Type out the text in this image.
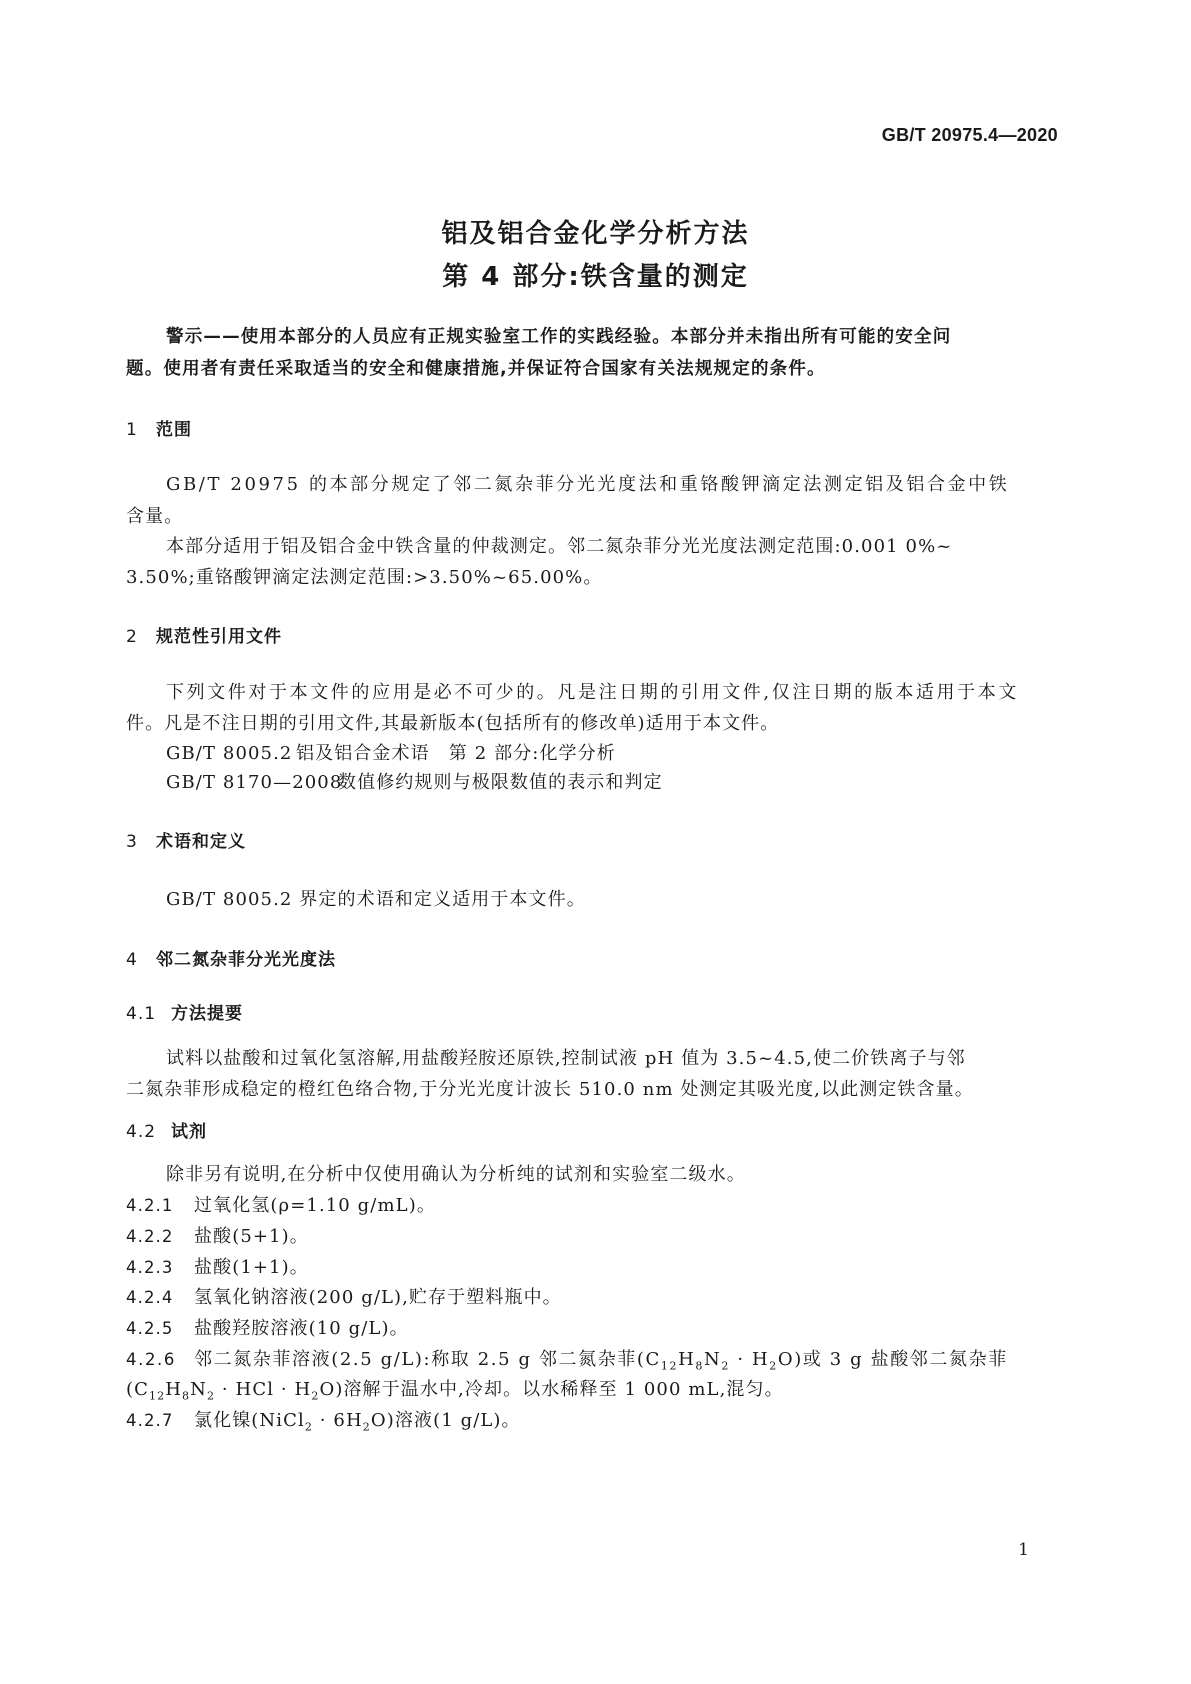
GB/T 20975.4—2020
铝及铝合金化学分析方法
第 4 部分:铁含量的测定
警示——使用本部分的人员应有正规实验室工作的实践经验。本部分并未指出所有可能的安全问
题。使用者有责任采取适当的安全和健康措施,并保证符合国家有关法规规定的条件。
1 范围
GB/T 20975 的本部分规定了邻二氮杂菲分光光度法和重铬酸钾滴定法测定铝及铝合金中铁
含量。
本部分适用于铝及铝合金中铁含量的仲裁测定。邻二氮杂菲分光光度法测定范围:0.001 0%~
3.50%;重铬酸钾滴定法测定范围:>3.50%~65.00%。
2 规范性引用文件
下列文件对于本文件的应用是必不可少的。凡是注日期的引用文件,仅注日期的版本适用于本文
件。凡是不注日期的引用文件,其最新版本(包括所有的修改单)适用于本文件。
GB/T 8005.2 铝及铝合金术语　第 2 部分:化学分析
GB/T 8170—2008数值修约规则与极限数值的表示和判定
3 术语和定义
GB/T 8005.2 界定的术语和定义适用于本文件。
4 邻二氮杂菲分光光度法
4.1 方法提要
试料以盐酸和过氧化氢溶解,用盐酸羟胺还原铁,控制试液 pH 值为 3.5~4.5,使二价铁离子与邻
二氮杂菲形成稳定的橙红色络合物,于分光光度计波长 510.0 nm 处测定其吸光度,以此测定铁含量。
4.2 试剂
除非另有说明,在分析中仅使用确认为分析纯的试剂和实验室二级水。
4.2.1 过氧化氢(ρ=1.10 g/mL)。
4.2.2 盐酸(5+1)。
4.2.3 盐酸(1+1)。
4.2.4 氢氧化钠溶液(200 g/L),贮存于塑料瓶中。
4.2.5 盐酸羟胺溶液(10 g/L)。
4.2.6 邻二氮杂菲溶液(2.5 g/L):称取 2.5 g 邻二氮杂菲$(C_{12}H_8N_2 \cdot H_2O)$或 3 g 盐酸邻二氮杂菲
($C_{12}H_8N_2$ · HCl · $H_2O$)溶解于温水中,冷却。以水稀释至 1 000 mL,混匀。
4.2.7 氯化镍(NiCl$_2$ · $6H_2O$)溶液(1 g/L)。
1
